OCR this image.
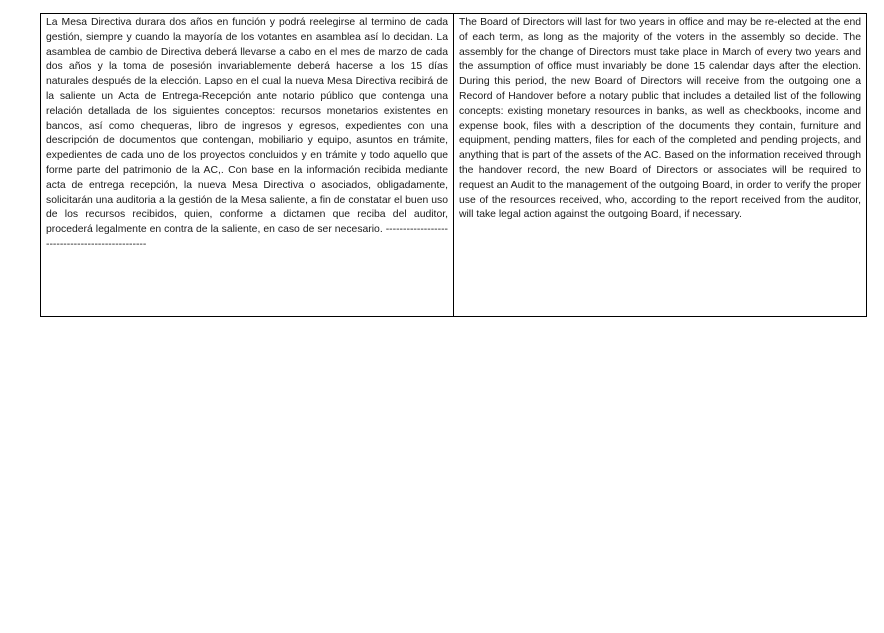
La Mesa Directiva durara dos años en función y podrá reelegirse al termino de cada gestión, siempre y cuando la mayoría de los votantes en asamblea así lo decidan. La asamblea de cambio de Directiva deberá llevarse a cabo en el mes de marzo de cada dos años y la toma de posesión invariablemente deberá hacerse a los 15 días naturales después de la elección. Lapso en el cual la nueva Mesa Directiva recibirá de la saliente un Acta de Entrega-Recepción ante notario público que contenga una relación detallada de los siguientes conceptos: recursos monetarios existentes en bancos, así como chequeras, libro de ingresos y egresos, expedientes con una descripción de documentos que contengan, mobiliario y equipo, asuntos en trámite, expedientes de cada uno de los proyectos concluidos y en trámite y todo aquello que forme parte del patrimonio de la AC,. Con base en la información recibida mediante acta de entrega recepción, la nueva Mesa Directiva o asociados, obligadamente, solicitarán una auditoria a la gestión de la Mesa saliente, a fin de constatar el buen uso de los recursos recibidos, quien, conforme a dictamen que reciba del auditor, procederá legalmente en contra de la saliente, en caso de ser necesario. -----------------------------------------------	The Board of Directors will last for two years in office and may be re-elected at the end of each term, as long as the majority of the voters in the assembly so decide. The assembly for the change of Directors must take place in March of every two years and the assumption of office must invariably be done 15 calendar days after the election. During this period, the new Board of Directors will receive from the outgoing one a Record of Handover before a notary public that includes a detailed list of the following concepts: existing monetary resources in banks, as well as checkbooks, income and expense book, files with a description of the documents they contain, furniture and equipment, pending matters, files for each of the completed and pending projects, and anything that is part of the assets of the AC. Based on the information received through the handover record, the new Board of Directors or associates will be required to request an Audit to the management of the outgoing Board, in order to verify the proper use of the resources received, who, according to the report received from the auditor, will take legal action against the outgoing Board, if necessary.
